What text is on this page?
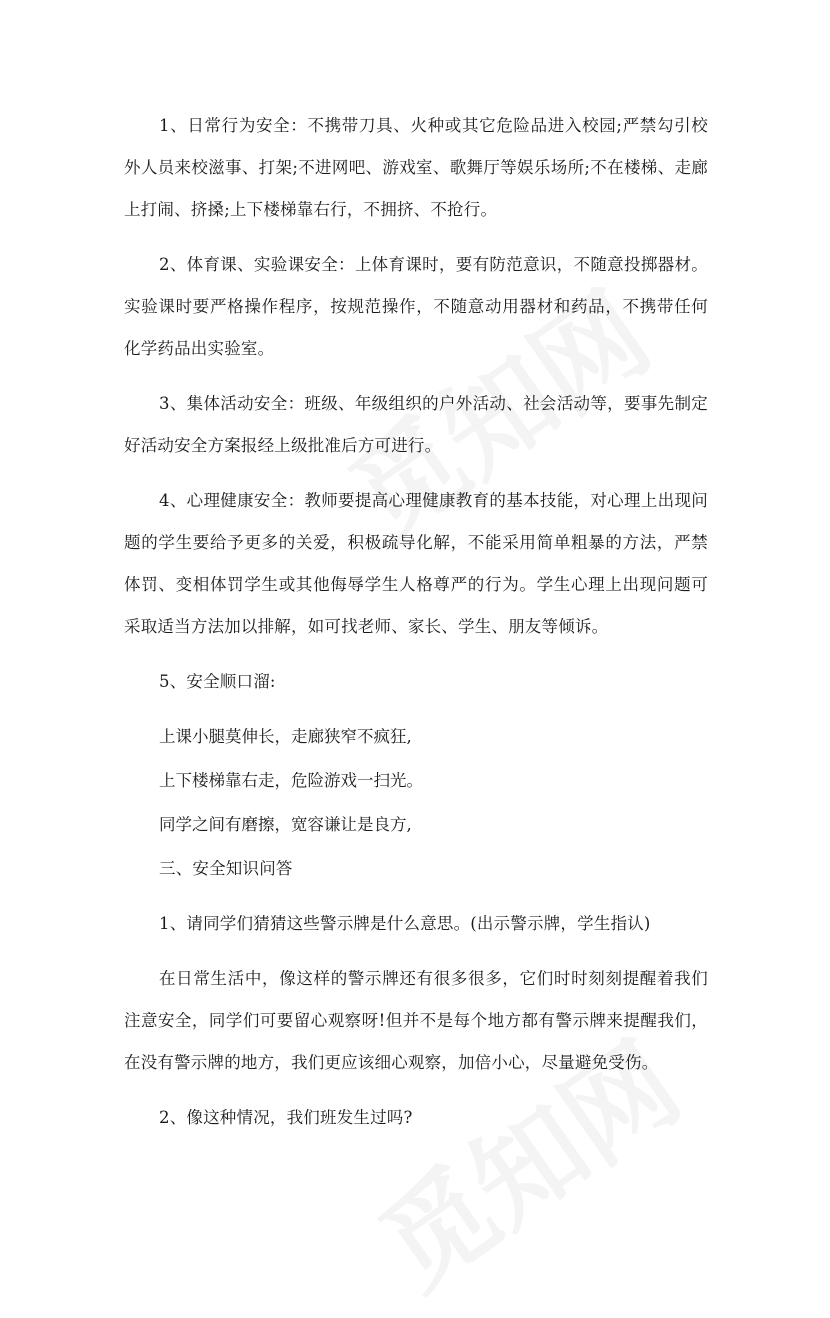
1、日常行为安全：不携带刀具、火种或其它危险品进入校园;严禁勾引校外人员来校滋事、打架;不进网吧、游戏室、歌舞厅等娱乐场所;不在楼梯、走廊上打闹、挤搡;上下楼梯靠右行，不拥挤、不抢行。

2、体育课、实验课安全：上体育课时，要有防范意识，不随意投掷器材。实验课时要严格操作程序，按规范操作，不随意动用器材和药品，不携带任何化学药品出实验室。

3、集体活动安全：班级、年级组织的户外活动、社会活动等，要事先制定好活动安全方案报经上级批准后方可进行。

4、心理健康安全：教师要提高心理健康教育的基本技能，对心理上出现问题的学生要给予更多的关爱，积极疏导化解，不能采用简单粗暴的方法，严禁体罚、变相体罚学生或其他侮辱学生人格尊严的行为。学生心理上出现问题可采取适当方法加以排解，如可找老师、家长、学生、朋友等倾诉。

5、安全顺口溜:

上课小腿莫伸长，走廊狭窄不疯狂,

上下楼梯靠右走，危险游戏一扫光。

同学之间有磨擦，宽容谦让是良方,

三、安全知识问答

1、请同学们猜猜这些警示牌是什么意思。(出示警示牌，学生指认)

在日常生活中，像这样的警示牌还有很多很多，它们时时刻刻提醒着我们注意安全，同学们可要留心观察呀!但并不是每个地方都有警示牌来提醒我们，在没有警示牌的地方，我们更应该细心观察，加倍小心，尽量避免受伤。

2、像这种情况，我们班发生过吗?
